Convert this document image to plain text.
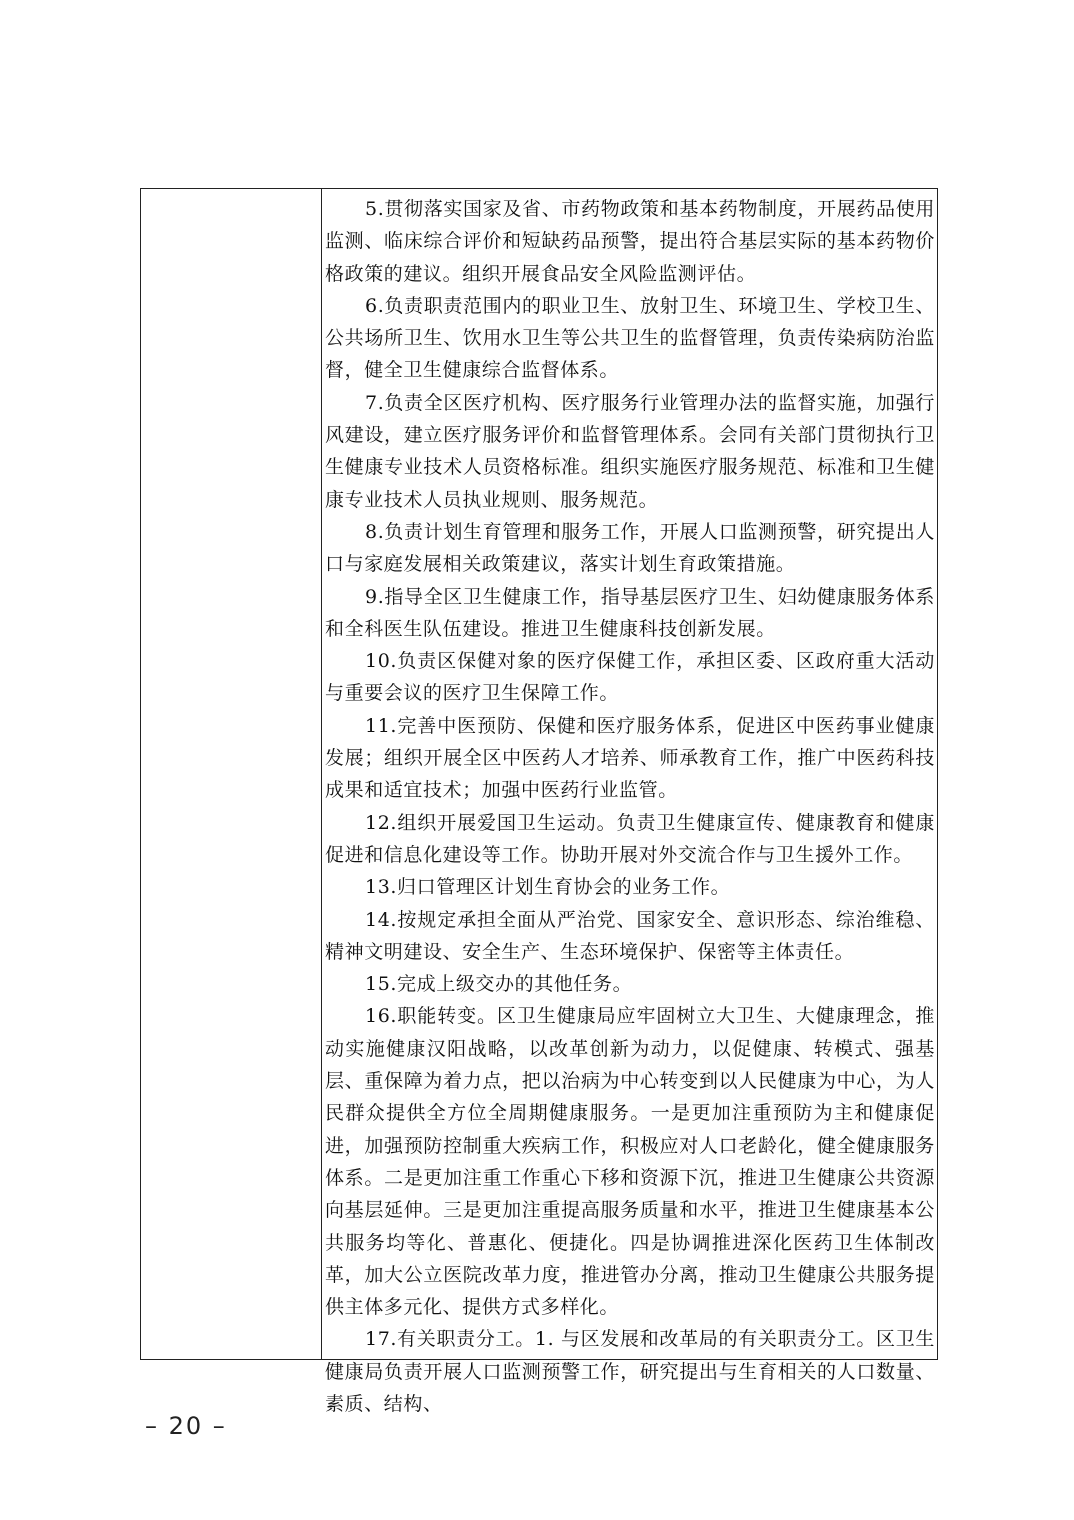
5.贯彻落实国家及省、市药物政策和基本药物制度，开展药品使用监测、临床综合评价和短缺药品预警，提出符合基层实际的基本药物价格政策的建议。组织开展食品安全风险监测评估。

6.负责职责范围内的职业卫生、放射卫生、环境卫生、学校卫生、公共场所卫生、饮用水卫生等公共卫生的监督管理，负责传染病防治监督，健全卫生健康综合监督体系。

7.负责全区医疗机构、医疗服务行业管理办法的监督实施，加强行风建设，建立医疗服务评价和监督管理体系。会同有关部门贯彻执行卫生健康专业技术人员资格标准。组织实施医疗服务规范、标准和卫生健康专业技术人员执业规则、服务规范。

8.负责计划生育管理和服务工作，开展人口监测预警，研究提出人口与家庭发展相关政策建议，落实计划生育政策措施。

9.指导全区卫生健康工作，指导基层医疗卫生、妇幼健康服务体系和全科医生队伍建设。推进卫生健康科技创新发展。

10.负责区保健对象的医疗保健工作，承担区委、区政府重大活动与重要会议的医疗卫生保障工作。

11.完善中医预防、保健和医疗服务体系，促进区中医药事业健康发展；组织开展全区中医药人才培养、师承教育工作，推广中医药科技成果和适宜技术；加强中医药行业监管。

12.组织开展爱国卫生运动。负责卫生健康宣传、健康教育和健康促进和信息化建设等工作。协助开展对外交流合作与卫生援外工作。

13.归口管理区计划生育协会的业务工作。

14.按规定承担全面从严治党、国家安全、意识形态、综治维稳、精神文明建设、安全生产、生态环境保护、保密等主体责任。

15.完成上级交办的其他任务。

16.职能转变。区卫生健康局应牢固树立大卫生、大健康理念，推动实施健康汉阳战略，以改革创新为动力，以促健康、转模式、强基层、重保障为着力点，把以治病为中心转变到以人民健康为中心，为人民群众提供全方位全周期健康服务。一是更加注重预防为主和健康促进，加强预防控制重大疾病工作，积极应对人口老龄化，健全健康服务体系。二是更加注重工作重心下移和资源下沉，推进卫生健康公共资源向基层延伸。三是更加注重提高服务质量和水平，推进卫生健康基本公共服务均等化、普惠化、便捷化。四是协调推进深化医药卫生体制改革，加大公立医院改革力度，推进管办分离，推动卫生健康公共服务提供主体多元化、提供方式多样化。

17.有关职责分工。1. 与区发展和改革局的有关职责分工。区卫生健康局负责开展人口监测预警工作，研究提出与生育相关的人口数量、素质、结构、

– 20 –
